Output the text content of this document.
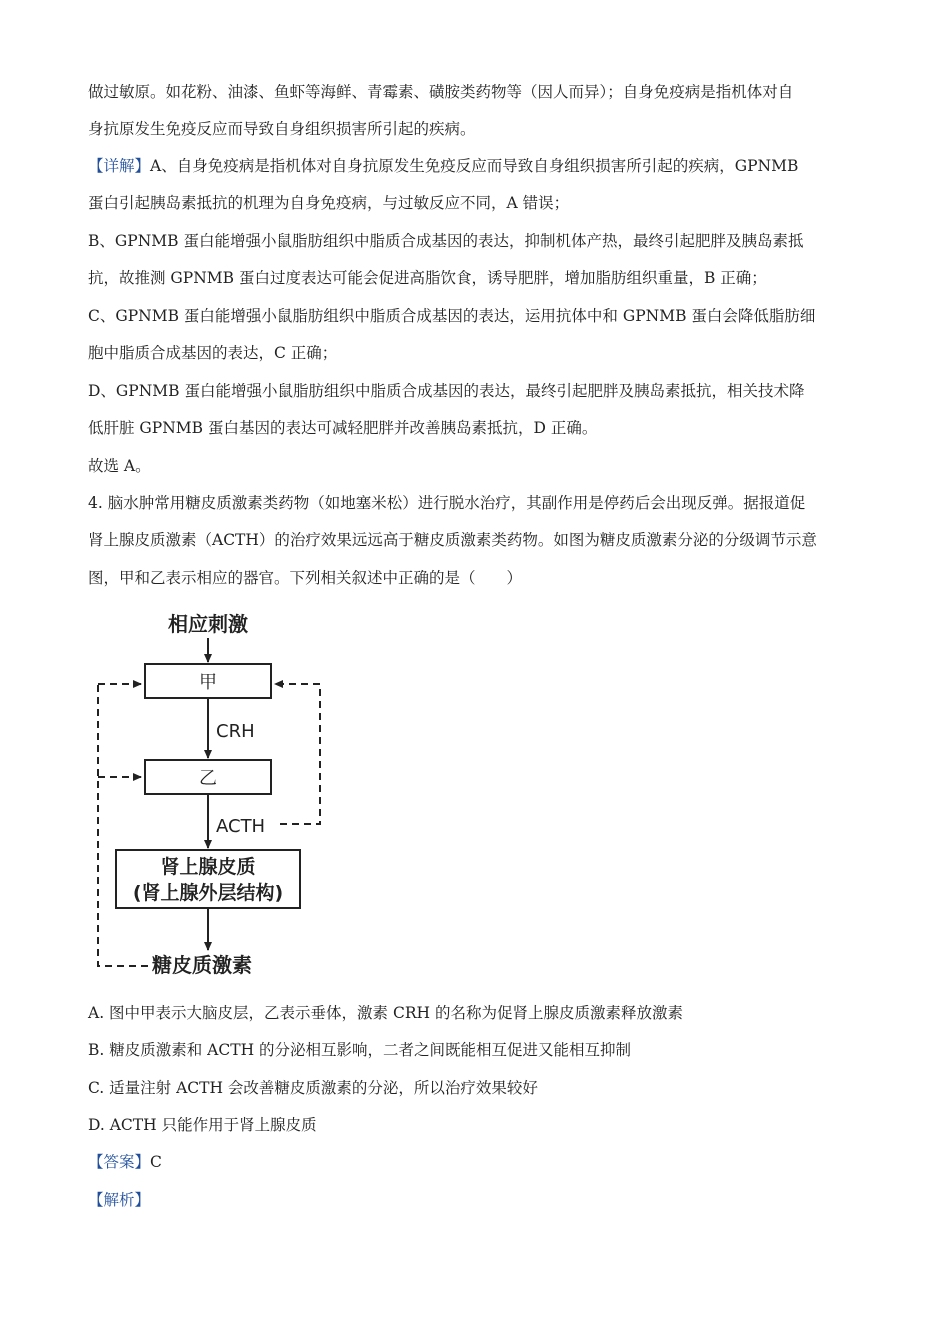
做过敏原。如花粉、油漆、鱼虾等海鲜、青霉素、磺胺类药物等（因人而异）；自身免疫病是指机体对自
身抗原发生免疫反应而导致自身组织损害所引起的疾病。
【详解】A、自身免疫病是指机体对自身抗原发生免疫反应而导致自身组织损害所引起的疾病，GPNMB
蛋白引起胰岛素抵抗的机理为自身免疫病，与过敏反应不同，A 错误；
B、GPNMB 蛋白能增强小鼠脂肪组织中脂质合成基因的表达，抑制机体产热，最终引起肥胖及胰岛素抵
抗，故推测 GPNMB 蛋白过度表达可能会促进高脂饮食，诱导肥胖，增加脂肪组织重量，B 正确；
C、GPNMB 蛋白能增强小鼠脂肪组织中脂质合成基因的表达，运用抗体中和 GPNMB 蛋白会降低脂肪细
胞中脂质合成基因的表达，C 正确；
D、GPNMB 蛋白能增强小鼠脂肪组织中脂质合成基因的表达，最终引起肥胖及胰岛素抵抗，相关技术降
低肝脏 GPNMB 蛋白基因的表达可减轻肥胖并改善胰岛素抵抗，D 正确。
故选 A。
4. 脑水肿常用糖皮质激素类药物（如地塞米松）进行脱水治疗，其副作用是停药后会出现反弹。据报道促
肾上腺皮质激素（ACTH）的治疗效果远远高于糖皮质激素类药物。如图为糖皮质激素分泌的分级调节示意
图，甲和乙表示相应的器官。下列相关叙述中正确的是（　　）
相应刺激
甲
CRH
乙
ACTH
肾上腺皮质
(肾上腺外层结构)
糖皮质激素
A. 图中甲表示大脑皮层，乙表示垂体，激素 CRH 的名称为促肾上腺皮质激素释放激素
B. 糖皮质激素和 ACTH 的分泌相互影响，二者之间既能相互促进又能相互抑制
C. 适量注射 ACTH 会改善糖皮质激素的分泌，所以治疗效果较好
D. ACTH 只能作用于肾上腺皮质
【答案】C
【解析】
